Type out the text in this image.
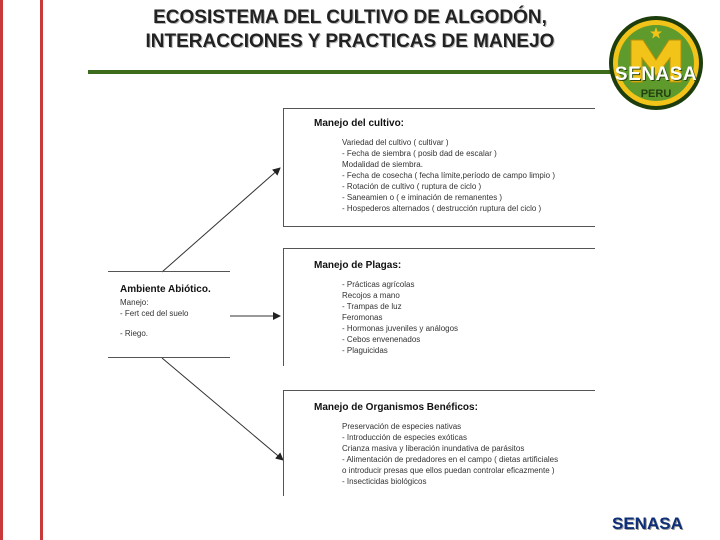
ECOSISTEMA DEL CULTIVO DE ALGODÓN,
INTERACCIONES Y PRACTICAS DE MANEJO
SENASA
PERU
Ambiente Abiótico.
Manejo:
- Fert ced del suelo
- Riego.
Manejo del cultivo:
Variedad del cultivo ( cultivar )
- Fecha de siembra ( posib dad de escalar )
Modalidad de siembra.
- Fecha de cosecha ( fecha límite,período de campo limpio )
- Rotación de cultivo ( ruptura de ciclo )
- Saneamien o ( e iminación de remanentes )
- Hospederos alternados ( destrucción ruptura del ciclo )
Manejo de Plagas:
- Prácticas agrícolas
Recojos a mano
- Trampas de luz
Feromonas
- Hormonas juveniles y análogos
- Cebos envenenados
- Plaguicidas
Manejo de Organismos Benéficos:
Preservación de especies nativas
- Introducción de especies exóticas
Crianza masiva y liberación inundativa de parásitos
- Alimentación de predadores en el campo ( dietas artificiales
o introducir presas que ellos puedan controlar eficazmente )
- Insecticidas biológicos
SENASA
